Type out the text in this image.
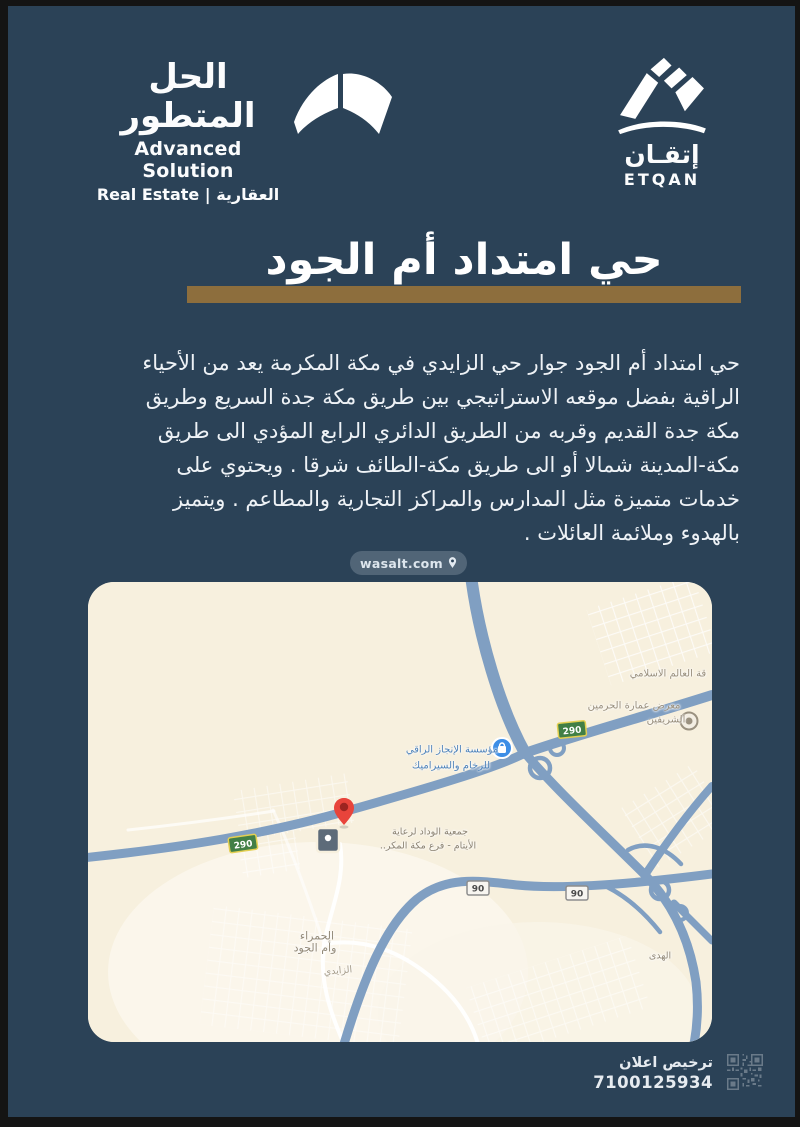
الحل المتطور
Advanced Solution
Real Estate | العقارية
إتقـان
ETQAN
حي امتداد أم الجود
حي امتداد أم الجود جوار حي الزايدي في مكة المكرمة يعد من الأحياء
الراقية بفضل موقعه الاستراتيجي بين طريق مكة جدة السريع وطريق
مكة جدة القديم وقربه من الطريق الدائري الرابع المؤدي الى طريق
مكة-المدينة شمالا أو الى طريق مكة-الطائف شرقا . ويحتوي على
خدمات متميزة مثل المدارس والمراكز التجارية والمطاعم . ويتميز
بالهدوء وملائمة العائلات .
wasalt.com
290
290
90	90
قة العالم الاسلامي
معرض عمارة الحرمين
الشريفين
مؤسسة الإنجاز الراقي
للرخام والسيراميك
جمعية الوداد لرعاية
الأيتام - فرع مكة المكر..
الحمراء
وأم الجود
الزايدي
الهدى
ترخيص اعلان
7100125934
